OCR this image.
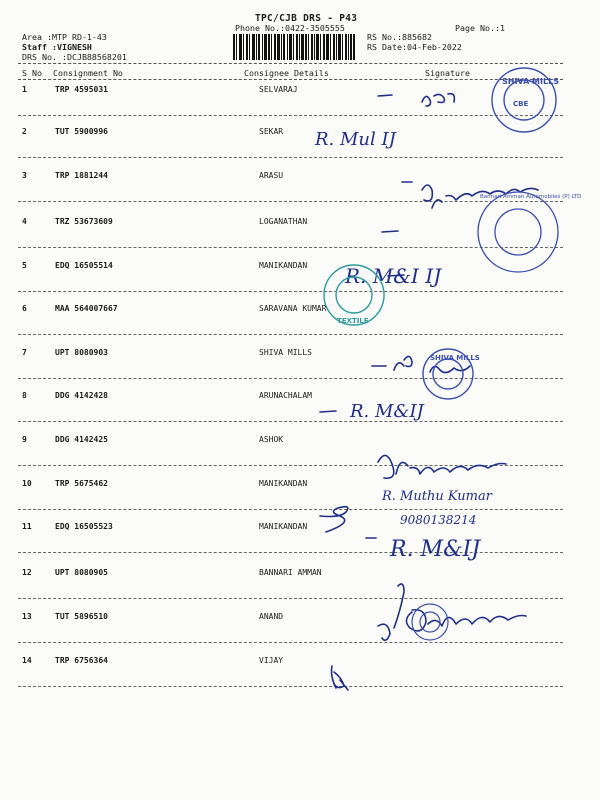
TPC/CJB DRS - P43
Phone No.:0422-3505555	Page No.:1
Area :MTP RD-1-43
Staff :VIGNESH
DRS No. :DCJB88568201
RS No.:885682
RS Date:04-Feb-2022
S No Consignment No	Consignee Details	Signature
1	TRP 4595031	SELVARAJ
2	TUT 5900996	SEKAR
3	TRP 1881244	ARASU
4	TRZ 53673609	LOGANATHAN
5	EDQ 16505514	MANIKANDAN
6	MAA 564007667	SARAVANA KUMAR
7	UPT 8080903	SHIVA MILLS
8	DDG 4142428	ARUNACHALAM
9	DDG 4142425	ASHOK
10	TRP 5675462	MANIKANDAN
11	EDQ 16505523	MANIKANDAN
12	UPT 8080905	BANNARI AMMAN
13	TUT 5896510	ANAND
14	TRP 6756364	VIJAY
R. Mul IJ
R. M&I IJ
R. M&IJ
R. Muthu Kumar
9080138214
R. M&IJ
SHIVA MILLS
CBE
Bannari Amman Automobiles (P) LTD
TEXTILE
SHIVA MILLS
